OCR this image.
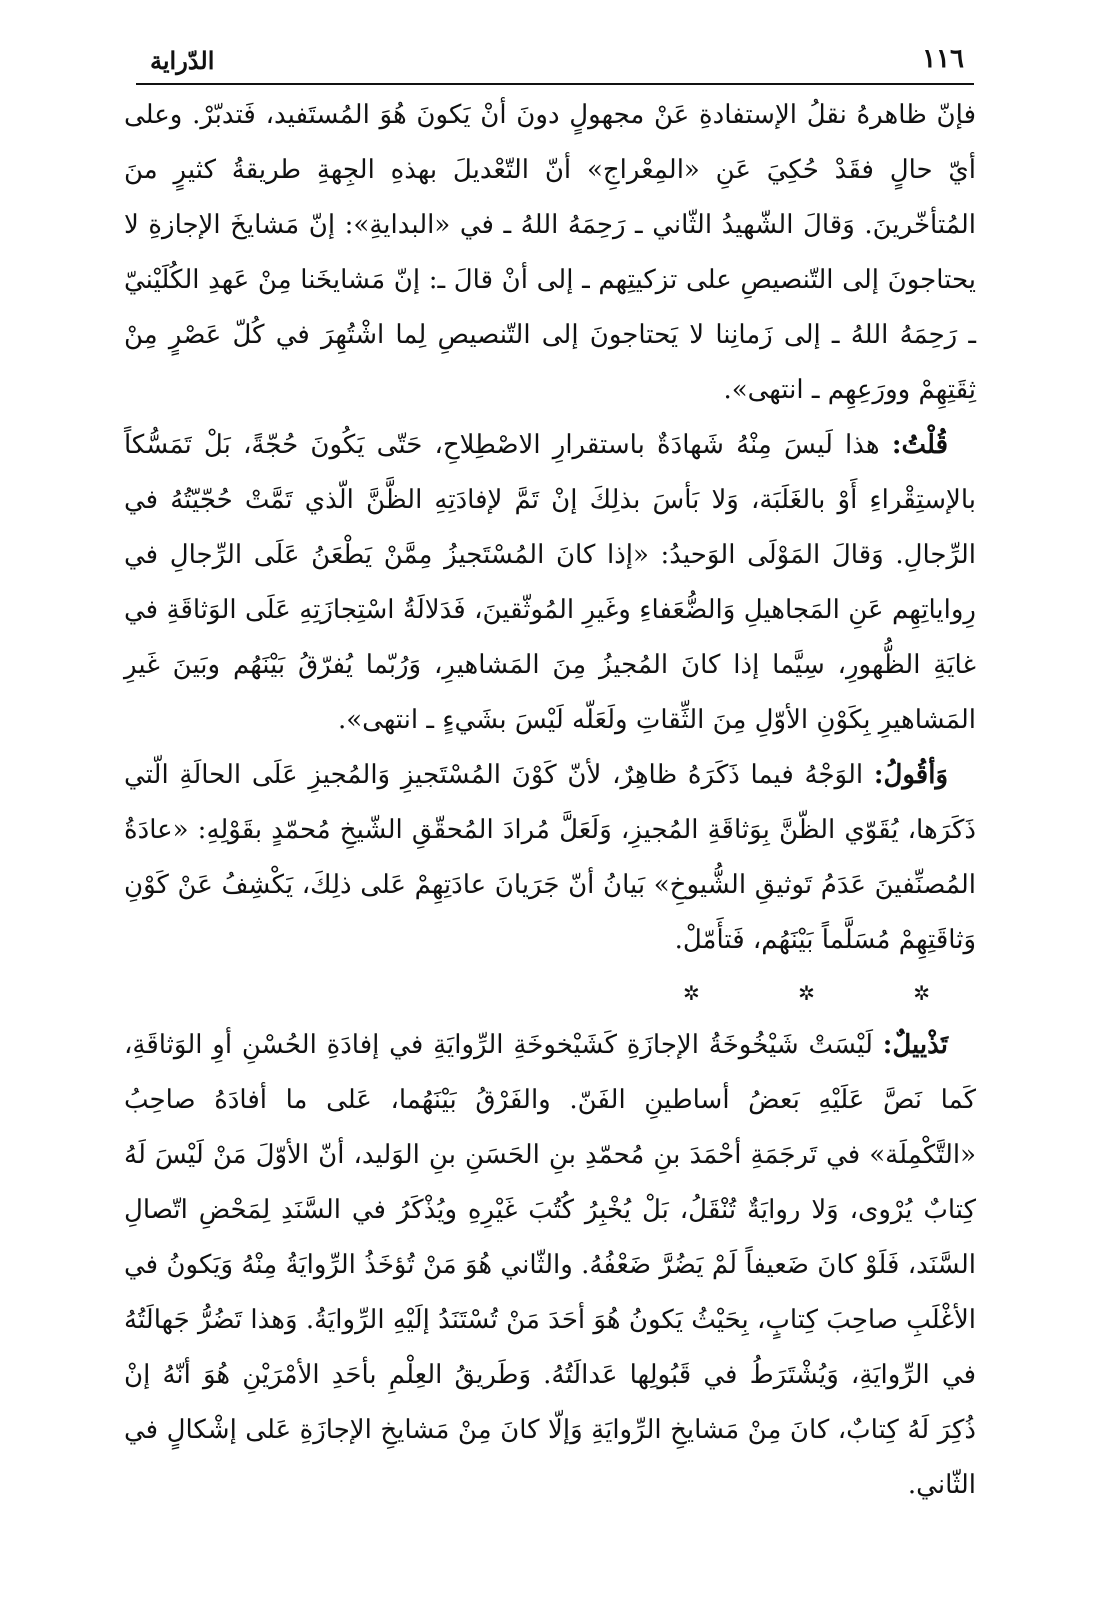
١١٦
الدّراية

فإنّ ظاهرهُ نقلُ الإستفادةِ عَنْ مجهولٍ دونَ أنْ يَكونَ هُوَ المُستَفيد، فَتدبّرْ. وعلى أيّ حالٍ فقَدْ حُكِيَ عَنِ «المِعْراجِ» أنّ التّعْديلَ بهذهِ الجِهةِ طريقةُ كثيرٍ منَ المُتأخّرينَ. وَقالَ الشّهيدُ الثّاني ـ رَحِمَهُ اللهُ ـ في «البدايةِ»: إنّ مَشايخَ الإجازةِ لا يحتاجونَ إلى التّنصيصِ على تزكيتِهم ـ إلى أنْ قالَ ـ: إنّ مَشايخَنا مِنْ عَهدِ الكُلَيْنيّ ـ رَحِمَهُ اللهُ ـ إلى زَمانِنا لا يَحتاجونَ إلى التّنصيصِ لِما اشْتُهِرَ في كُلّ عَصْرٍ مِنْ ثِقَتِهِمْ وورَعِهِم ـ انتهى».

قُلْتُ: هذا لَيسَ مِنْهُ شَهادَةٌ باستقرارِ الاصْطِلاحِ، حَتّى يَكُونَ حُجّةً، بَلْ تَمَسُّكاً بالإستِقْراءِ أَوْ بالغَلَبَة، وَلا بَأسَ بذلِكَ إنْ تَمَّ لإفادَتِهِ الظَّنَّ الّذي تَمَّتْ حُجّيّتُهُ في الرِّجالِ. وَقالَ المَوْلَى الوَحيدُ: «إذا كانَ المُسْتَجيزُ مِمَّنْ يَطْعَنُ عَلَى الرِّجالِ في رِواياتِهِم عَنِ المَجاهيلِ وَالضُّعَفاءِ وغَيرِ المُوثّقينَ، فَدَلالَةُ اسْتِجازَتِهِ عَلَى الوَثاقَةِ في غايَةِ الظُّهورِ، سِيَّما إذا كانَ المُجيزُ مِنَ المَشاهيرِ، وَرُبّما يُفرّقُ بَيْنَهُم وبَينَ غَيرِ المَشاهيرِ بِكَوْنِ الأوّلِ مِنَ الثِّقاتِ ولَعَلّه لَيْسَ بشَيءٍ ـ انتهى».

وَأقُولُ: الوَجْهُ فيما ذَكَرَهُ ظاهِرٌ، لأنّ كَوْنَ المُسْتَجيزِ وَالمُجيزِ عَلَى الحالَةِ الّتي ذَكَرَها، يُقَوّي الظّنَّ بِوَثاقَةِ المُجيزِ، وَلَعَلَّ مُرادَ المُحقّقِ الشّيخِ مُحمّدٍ بقَوْلِهِ: «عادَةُ المُصنِّفينَ عَدَمُ تَوثيقِ الشُّيوخِ» بَيانُ أنّ جَرَيانَ عادَتِهِمْ عَلى ذلِكَ، يَكْشِفُ عَنْ كَوْنِ وَثاقَتِهِمْ مُسَلَّماً بَيْنَهُم، فَتأَمّلْ.

✲ ✲ ✲

تَذْييلٌ: لَيْسَتْ شَيْخُوخَةُ الإجازَةِ كَشَيْخوخَةِ الرِّوايَةِ في إفادَةِ الحُسْنِ أوِ الوَثاقَةِ، كَما نَصَّ عَلَيْهِ بَعضُ أساطينِ الفَنّ. والفَرْقُ بَيْنَهُما، عَلى ما أفادَهُ صاحِبُ «التَّكْمِلَة» في تَرجَمَةِ أحْمَدَ بنِ مُحمّدِ بنِ الحَسَنِ بنِ الوَليد، أنّ الأوّلَ مَنْ لَيْسَ لَهُ كِتابٌ يُرْوى، وَلا روايَةٌ تُنْقَلُ، بَلْ يُخْبِرُ كُتُبَ غَيْرِهِ ويُذْكَرُ في السَّنَدِ لِمَحْضِ اتّصالِ السَّنَد، فَلَوْ كانَ ضَعيفاً لَمْ يَضُرَّ ضَعْفُهُ. والثّاني هُوَ مَنْ تُؤخَذُ الرِّوايَةُ مِنْهُ وَيَكونُ في الأغْلَبِ صاحِبَ كِتابٍ، بِحَيْثُ يَكونُ هُوَ أحَدَ مَنْ تُسْتَنَدُ إلَيْهِ الرِّوايَةُ. وَهذا تَضُرُّ جَهالَتُهُ في الرِّوايَةِ، وَيُشْتَرَطُ في قَبُولِها عَدالَتُهُ. وَطَريقُ العِلْمِ بأحَدِ الأمْرَيْنِ هُوَ أنّهُ إنْ ذُكِرَ لَهُ كِتابٌ، كانَ مِنْ مَشايخِ الرِّوايَةِ وَإلّا كانَ مِنْ مَشايخِ الإجازَةِ عَلى إشْكالٍ في الثّاني.
